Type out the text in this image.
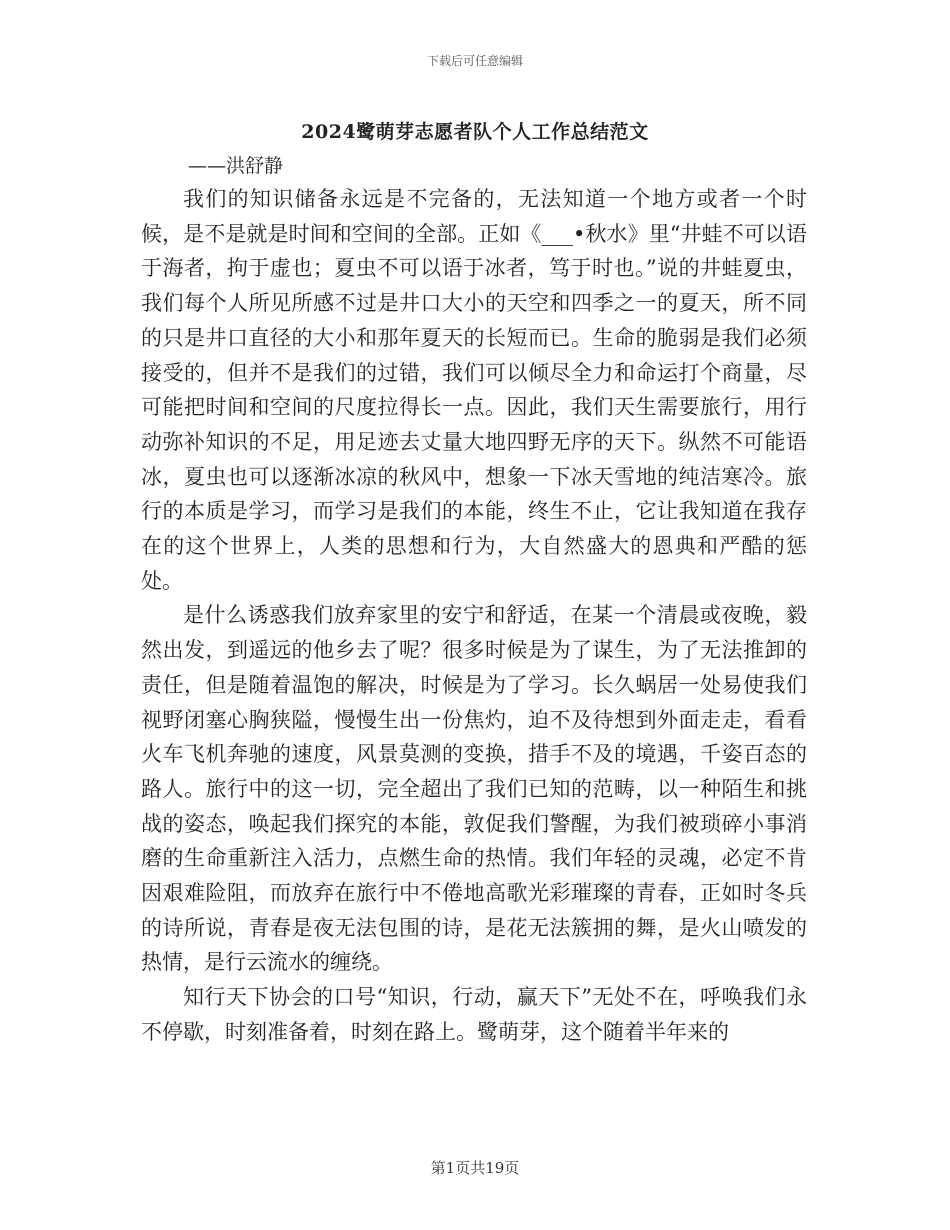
下载后可任意编辑
2024鹭萌芽志愿者队个人工作总结范文
——洪舒静

我们的知识储备永远是不完备的，无法知道一个地方或者一个时候，是不是就是时间和空间的全部。正如《___•秋水》里“井蛙不可以语于海者，拘于虚也；夏虫不可以语于冰者，笃于时也。”说的井蛙夏虫，我们每个人所见所感不过是井口大小的天空和四季之一的夏天，所不同的只是井口直径的大小和那年夏天的长短而已。生命的脆弱是我们必须接受的，但并不是我们的过错，我们可以倾尽全力和命运打个商量，尽可能把时间和空间的尺度拉得长一点。因此，我们天生需要旅行，用行动弥补知识的不足，用足迹去丈量大地四野无序的天下。纵然不可能语冰，夏虫也可以逐渐冰凉的秋风中，想象一下冰天雪地的纯洁寒冷。旅行的本质是学习，而学习是我们的本能，终生不止，它让我知道在我存在的这个世界上，人类的思想和行为，大自然盛大的恩典和严酷的惩处。

是什么诱惑我们放弃家里的安宁和舒适，在某一个清晨或夜晚，毅然出发，到遥远的他乡去了呢？很多时候是为了谋生，为了无法推卸的责任，但是随着温饱的解决，时候是为了学习。长久蜗居一处易使我们视野闭塞心胸狭隘，慢慢生出一份焦灼，迫不及待想到外面走走，看看火车飞机奔驰的速度，风景莫测的变换，措手不及的境遇，千姿百态的路人。旅行中的这一切，完全超出了我们已知的范畴，以一种陌生和挑战的姿态，唤起我们探究的本能，敦促我们警醒，为我们被琐碎小事消磨的生命重新注入活力，点燃生命的热情。我们年轻的灵魂，必定不肯因艰难险阻，而放弃在旅行中不倦地高歌光彩璀璨的青春，正如时冬兵的诗所说，青春是夜无法包围的诗，是花无法簇拥的舞，是火山喷发的热情，是行云流水的缠绕。

知行天下协会的口号“知识，行动，赢天下”无处不在，呼唤我们永不停歇，时刻准备着，时刻在路上。鹭萌芽，这个随着半年来的

第1页共19页
